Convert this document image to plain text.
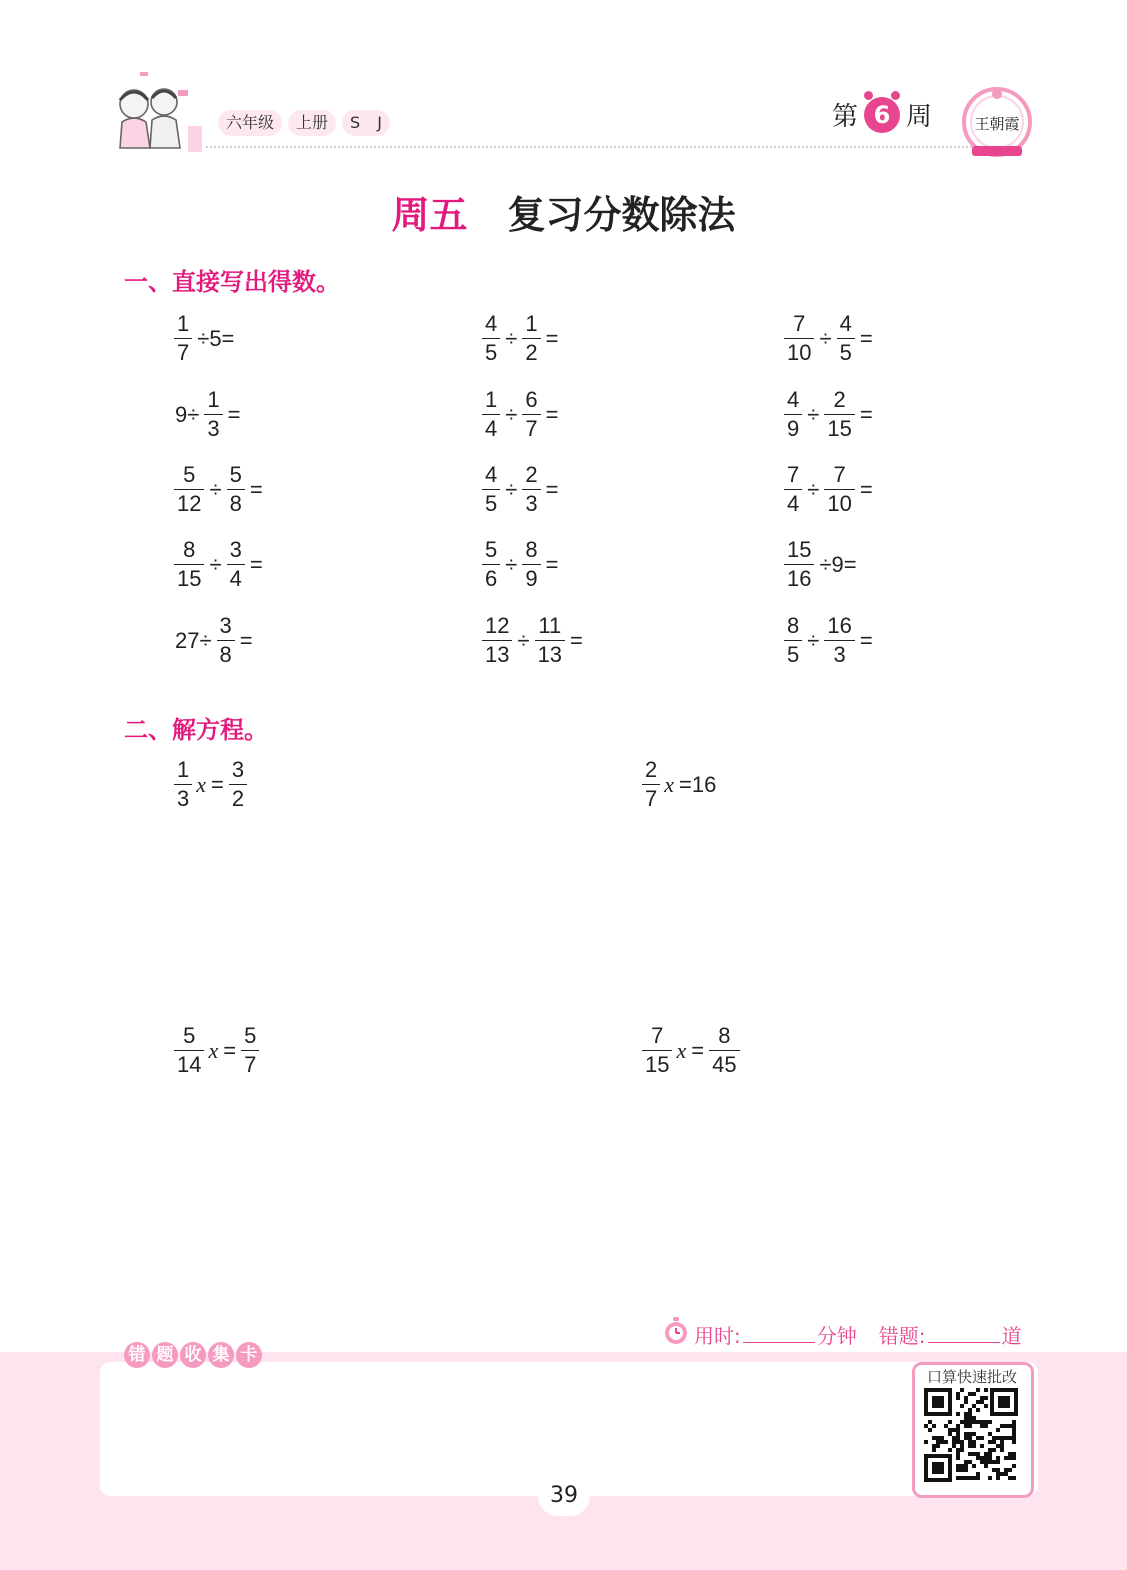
六年级	上册	S J	第 6 周	王朝霞
周五 复习分数除法
一、直接写出得数。
$\frac{1}{7} \div 5=$	$\frac{4}{5} \div \frac{1}{2}$ =	$\frac{7}{10} \div \frac{4}{5}$ =
$9\div \frac{1}{3}$ =	$\frac{1}{4} \div \frac{6}{7}$ =	$\frac{4}{9} \div \frac{2}{15}$ =
$\frac{5}{12} \div \frac{5}{8}$ =	$\frac{4}{5} \div \frac{2}{3}$ =	$\frac{7}{4} \div \frac{7}{10}$ =
$\frac{8}{15} \div \frac{3}{4}$ =	$\frac{5}{6} \div \frac{8}{9}$ =	$\frac{15}{16} \div 9=$
$27\div \frac{3}{8}$ =	$\frac{12}{13} \div \frac{11}{13}$ =	$\frac{8}{5} \div \frac{16}{3}$ =
二、解方程。
$\frac{1}{3}$ $x = \frac{3}{2}$	$\frac{2}{7}$ x =16
$\frac{5}{14}$ $x = \frac{5}{7}$	$\frac{7}{15}$ $x = \frac{8}{45}$
用时:	分钟 错题:	道
错 题 收 集 卡
口算快速批改
39
